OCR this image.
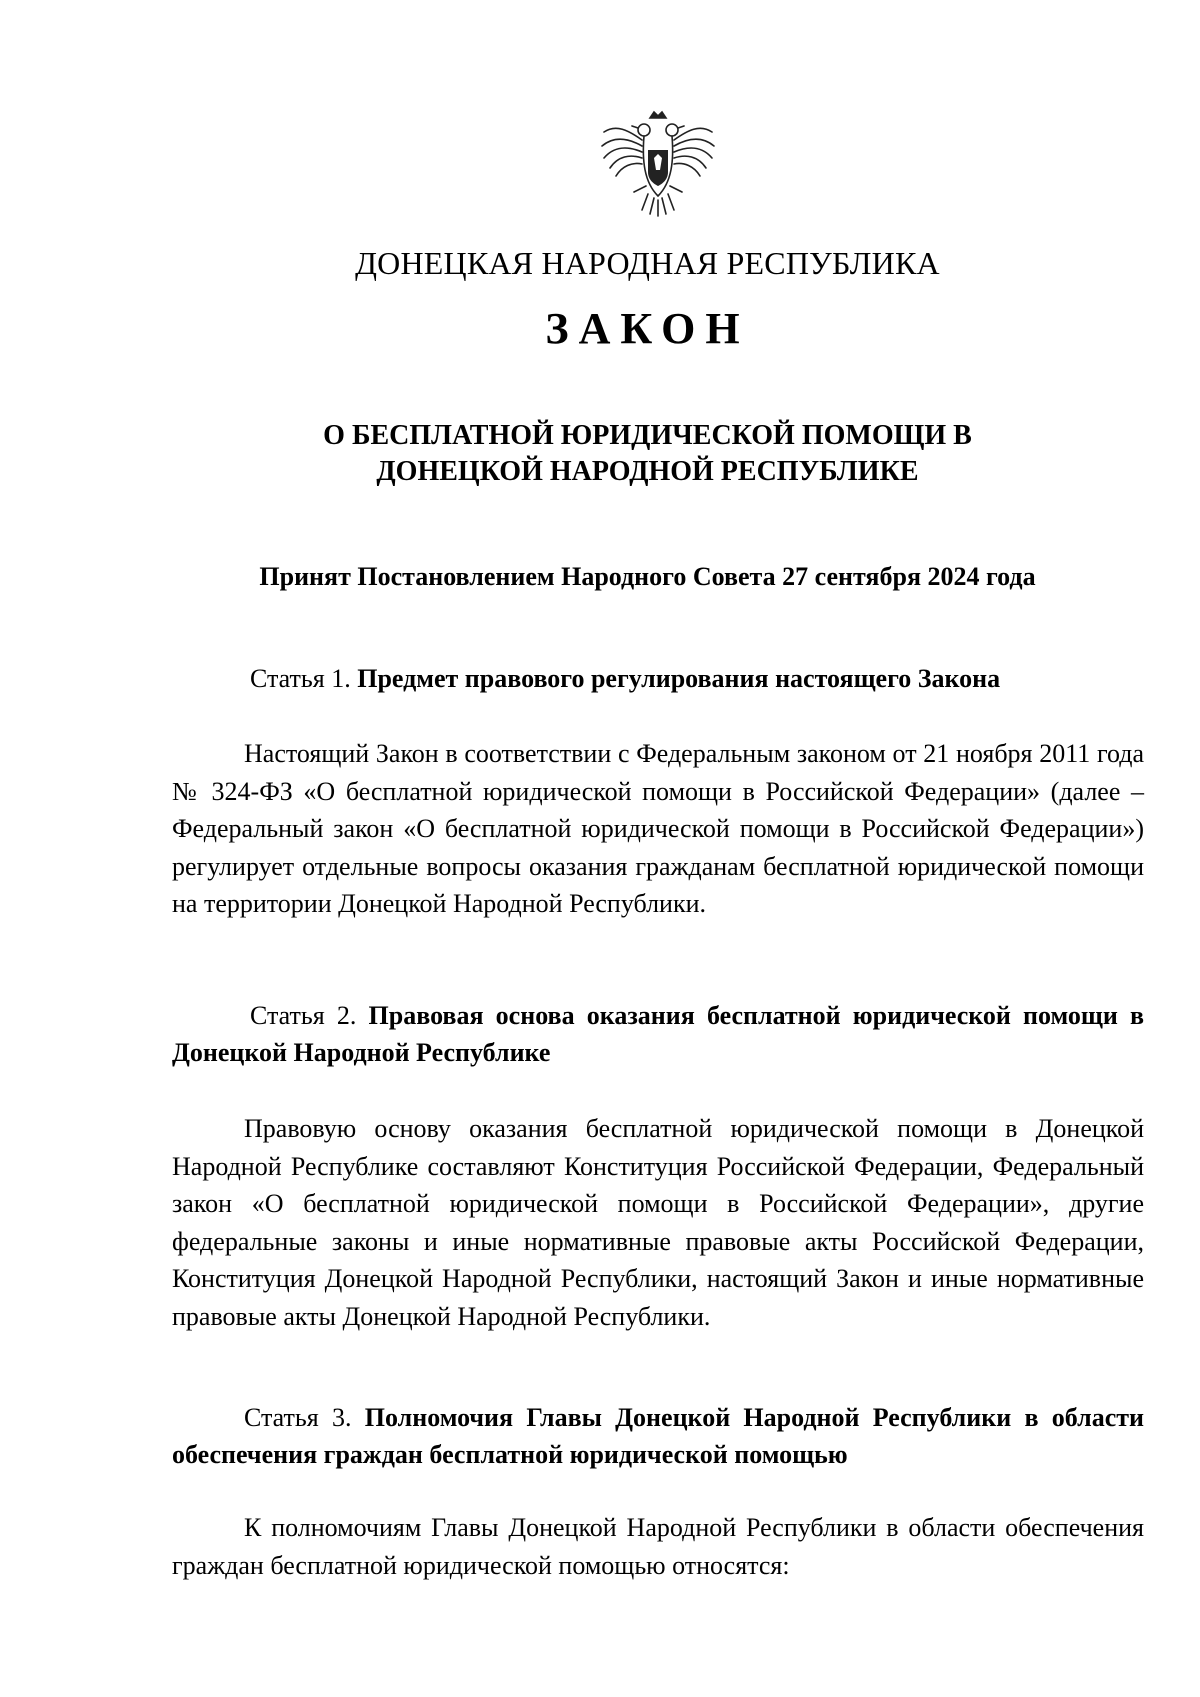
ДОНЕЦКАЯ НАРОДНАЯ РЕСПУБЛИКА
ЗАКОН
О БЕСПЛАТНОЙ ЮРИДИЧЕСКОЙ ПОМОЩИ В
ДОНЕЦКОЙ НАРОДНОЙ РЕСПУБЛИКЕ
Принят Постановлением Народного Совета 27 сентября 2024 года
Статья 1. Предмет правового регулирования настоящего Закона
Настоящий Закон в соответствии с Федеральным законом от 21 ноября 2011 года № 324-ФЗ «О бесплатной юридической помощи в Российской Федерации» (далее – Федеральный закон «О бесплатной юридической помощи в Российской Федерации») регулирует отдельные вопросы оказания гражданам бесплатной юридической помощи на территории Донецкой Народной Республики.
Статья 2. Правовая основа оказания бесплатной юридической помощи в Донецкой Народной Республике
Правовую основу оказания бесплатной юридической помощи в Донецкой Народной Республике составляют Конституция Российской Федерации, Федеральный закон «О бесплатной юридической помощи в Российской Федерации», другие федеральные законы и иные нормативные правовые акты Российской Федерации, Конституция Донецкой Народной Республики, настоящий Закон и иные нормативные правовые акты Донецкой Народной Республики.
Статья 3. Полномочия Главы Донецкой Народной Республики в области обеспечения граждан бесплатной юридической помощью
К полномочиям Главы Донецкой Народной Республики в области обеспечения граждан бесплатной юридической помощью относятся:
